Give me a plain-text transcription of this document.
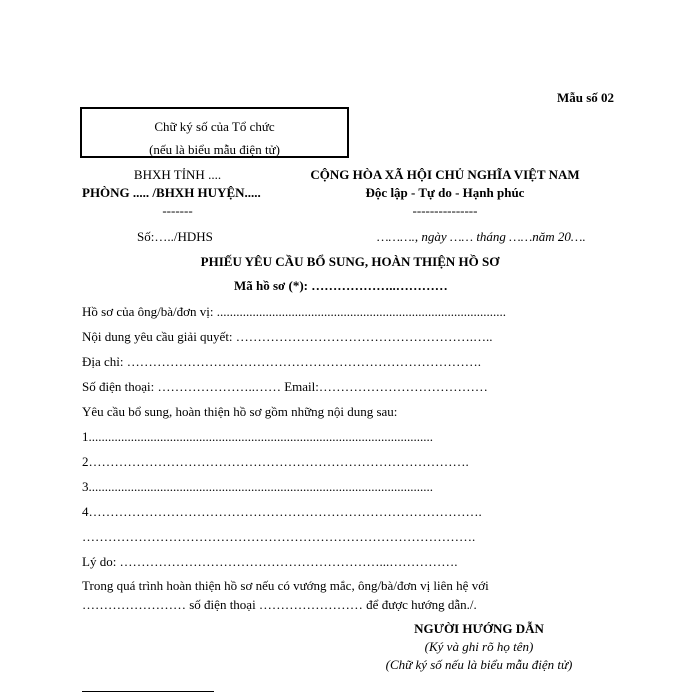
Mẫu số 02
Chữ ký số của Tổ chức
(nếu là biểu mẫu điện tử)
BHXH TỈNH ....
PHÒNG ..... /BHXH HUYỆN.....
-------
CỘNG HÒA XÃ HỘI CHỦ NGHĨA VIỆT NAM
Độc lập - Tự do - Hạnh phúc
---------------
Số:…../HDHS	………., ngày …… tháng ……năm 20….
PHIẾU YÊU CẦU BỔ SUNG, HOÀN THIỆN HỒ SƠ
Mã hồ sơ (*): ………………..…………
Hồ sơ của ông/bà/đơn vị: .........................................................................................
Nội dung yêu cầu giải quyết: ……………………………………………….…..
Địa chỉ: ……………………………………………………………………….
Số điện thoại: …………………..…… Email:…………………………………
Yêu cầu bổ sung, hoàn thiện hồ sơ gồm những nội dung sau:
1..........................................................................................................
2…………………………………………………………………………….
3..........................................................................................................
4……………………………………………………………………………….
……………………………………………………………………………….
Lý do: ……………………………………………………...…………….
Trong quá trình hoàn thiện hồ sơ nếu có vướng mắc, ông/bà/đơn vị liên hệ với
…………………… số điện thoại …………………… để được hướng dẫn./.
NGƯỜI HƯỚNG DẪN
(Ký và ghi rõ họ tên)
(Chữ ký số nếu là biểu mẫu điện tử)
